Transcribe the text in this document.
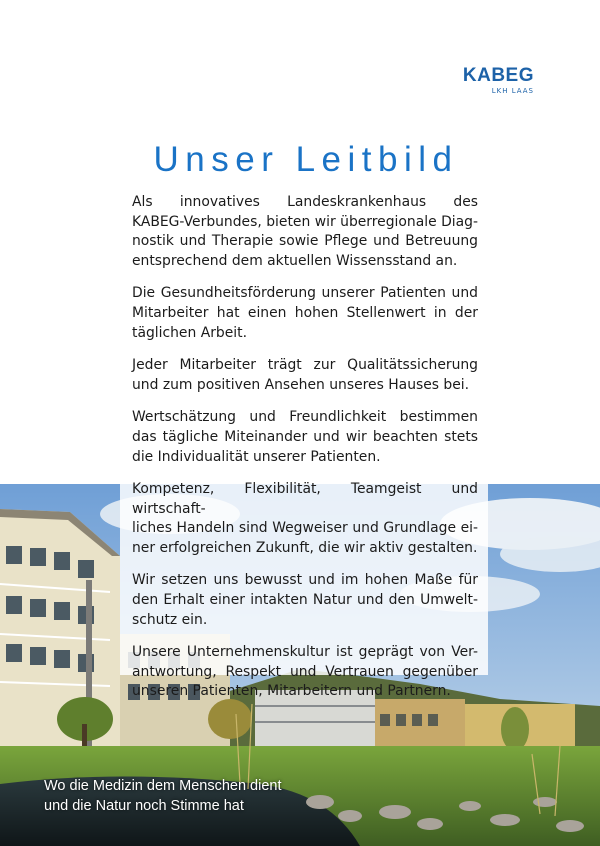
KABEG
LKH LAAS
Unser Leitbild

Als innovatives Landeskrankenhaus des
KABEG-Verbundes, bieten wir überregionale Diag-
nostik und Therapie sowie Pflege und Betreuung
entsprechend dem aktuellen Wissensstand an.

Die Gesundheitsförderung unserer Patienten und
Mitarbeiter hat einen hohen Stellenwert in der
täglichen Arbeit.

Jeder Mitarbeiter trägt zur Qualitätssicherung
und zum positiven Ansehen unseres Hauses bei.

Wertschätzung und Freundlichkeit bestimmen
das tägliche Miteinander und wir beachten stets
die Individualität unserer Patienten.

Kompetenz, Flexibilität, Teamgeist und wirtschaft-
liches Handeln sind Wegweiser und Grundlage ei-
ner erfolgreichen Zukunft, die wir aktiv gestalten.

Wir setzen uns bewusst und im hohen Maße für
den Erhalt einer intakten Natur und den Umwelt-
schutz ein.

Unsere Unternehmenskultur ist geprägt von Ver-
antwortung, Respekt und Vertrauen gegenüber
unseren Patienten, Mitarbeitern und Partnern.

Wo die Medizin dem Menschen dient
und die Natur noch Stimme hat
